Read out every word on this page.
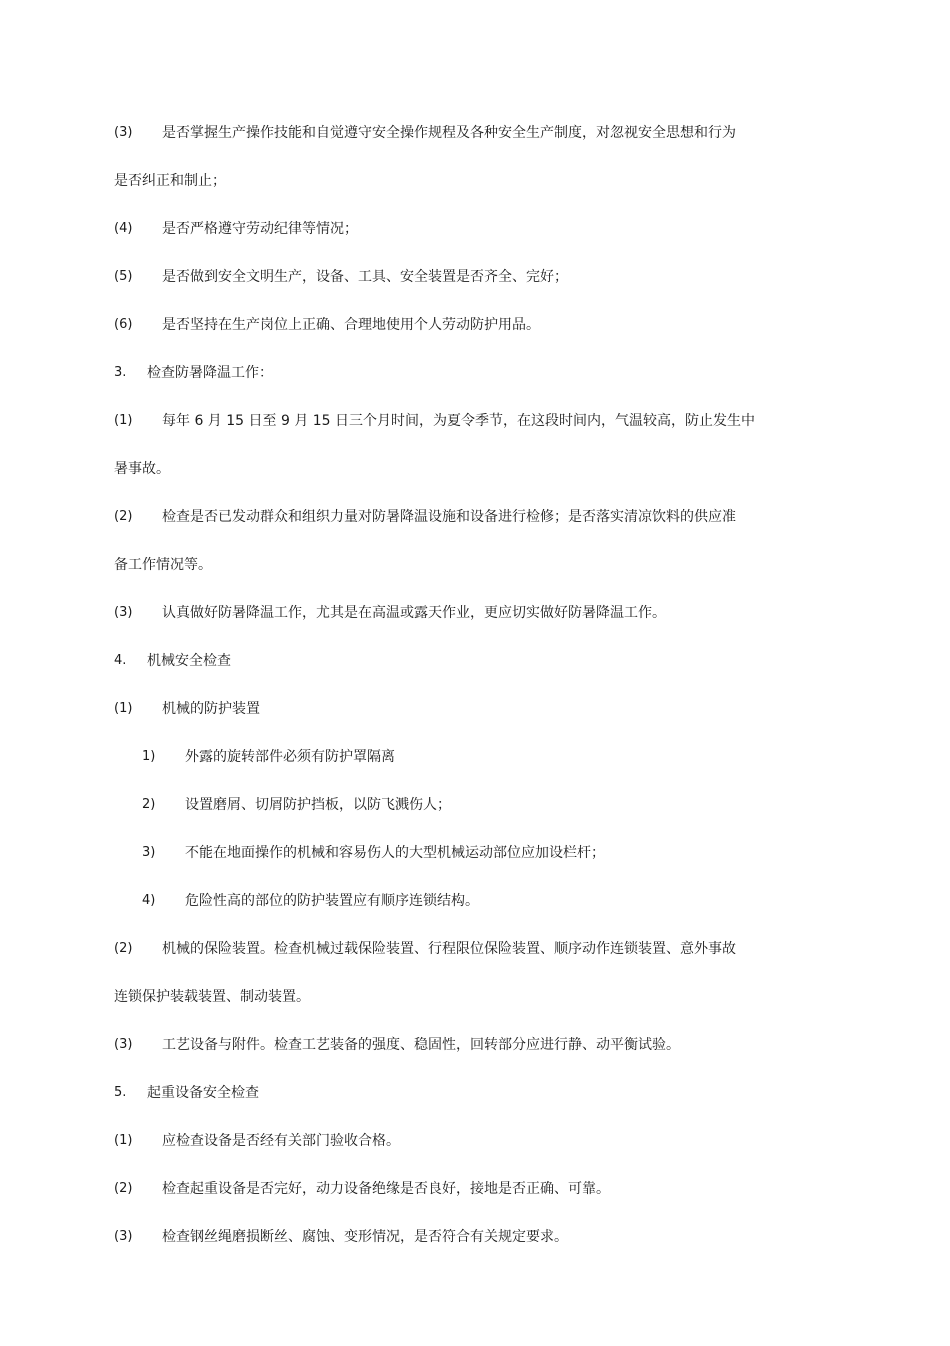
(3) 是否掌握生产操作技能和自觉遵守安全操作规程及各种安全生产制度，对忽视安全思想和行为
是否纠正和制止；
(4) 是否严格遵守劳动纪律等情况；
(5) 是否做到安全文明生产，设备、工具、安全装置是否齐全、完好；
(6) 是否坚持在生产岗位上正确、合理地使用个人劳动防护用品。
3. 检查防暑降温工作：
(1) 每年 6 月 15 日至 9 月 15 日三个月时间，为夏令季节，在这段时间内，气温较高，防止发生中
暑事故。
(2) 检查是否已发动群众和组织力量对防暑降温设施和设备进行检修；是否落实清凉饮料的供应准
备工作情况等。
(3) 认真做好防暑降温工作，尤其是在高温或露天作业，更应切实做好防暑降温工作。
4. 机械安全检查
(1) 机械的防护装置
1) 外露的旋转部件必须有防护罩隔离
2) 设置磨屑、切屑防护挡板，以防飞溅伤人；
3) 不能在地面操作的机械和容易伤人的大型机械运动部位应加设栏杆；
4) 危险性高的部位的防护装置应有顺序连锁结构。
(2) 机械的保险装置。检查机械过载保险装置、行程限位保险装置、顺序动作连锁装置、意外事故
连锁保护装载装置、制动装置。
(3) 工艺设备与附件。检查工艺装备的强度、稳固性，回转部分应进行静、动平衡试验。
5. 起重设备安全检查
(1) 应检查设备是否经有关部门验收合格。
(2) 检查起重设备是否完好，动力设备绝缘是否良好，接地是否正确、可靠。
(3) 检查钢丝绳磨损断丝、腐蚀、变形情况，是否符合有关规定要求。
